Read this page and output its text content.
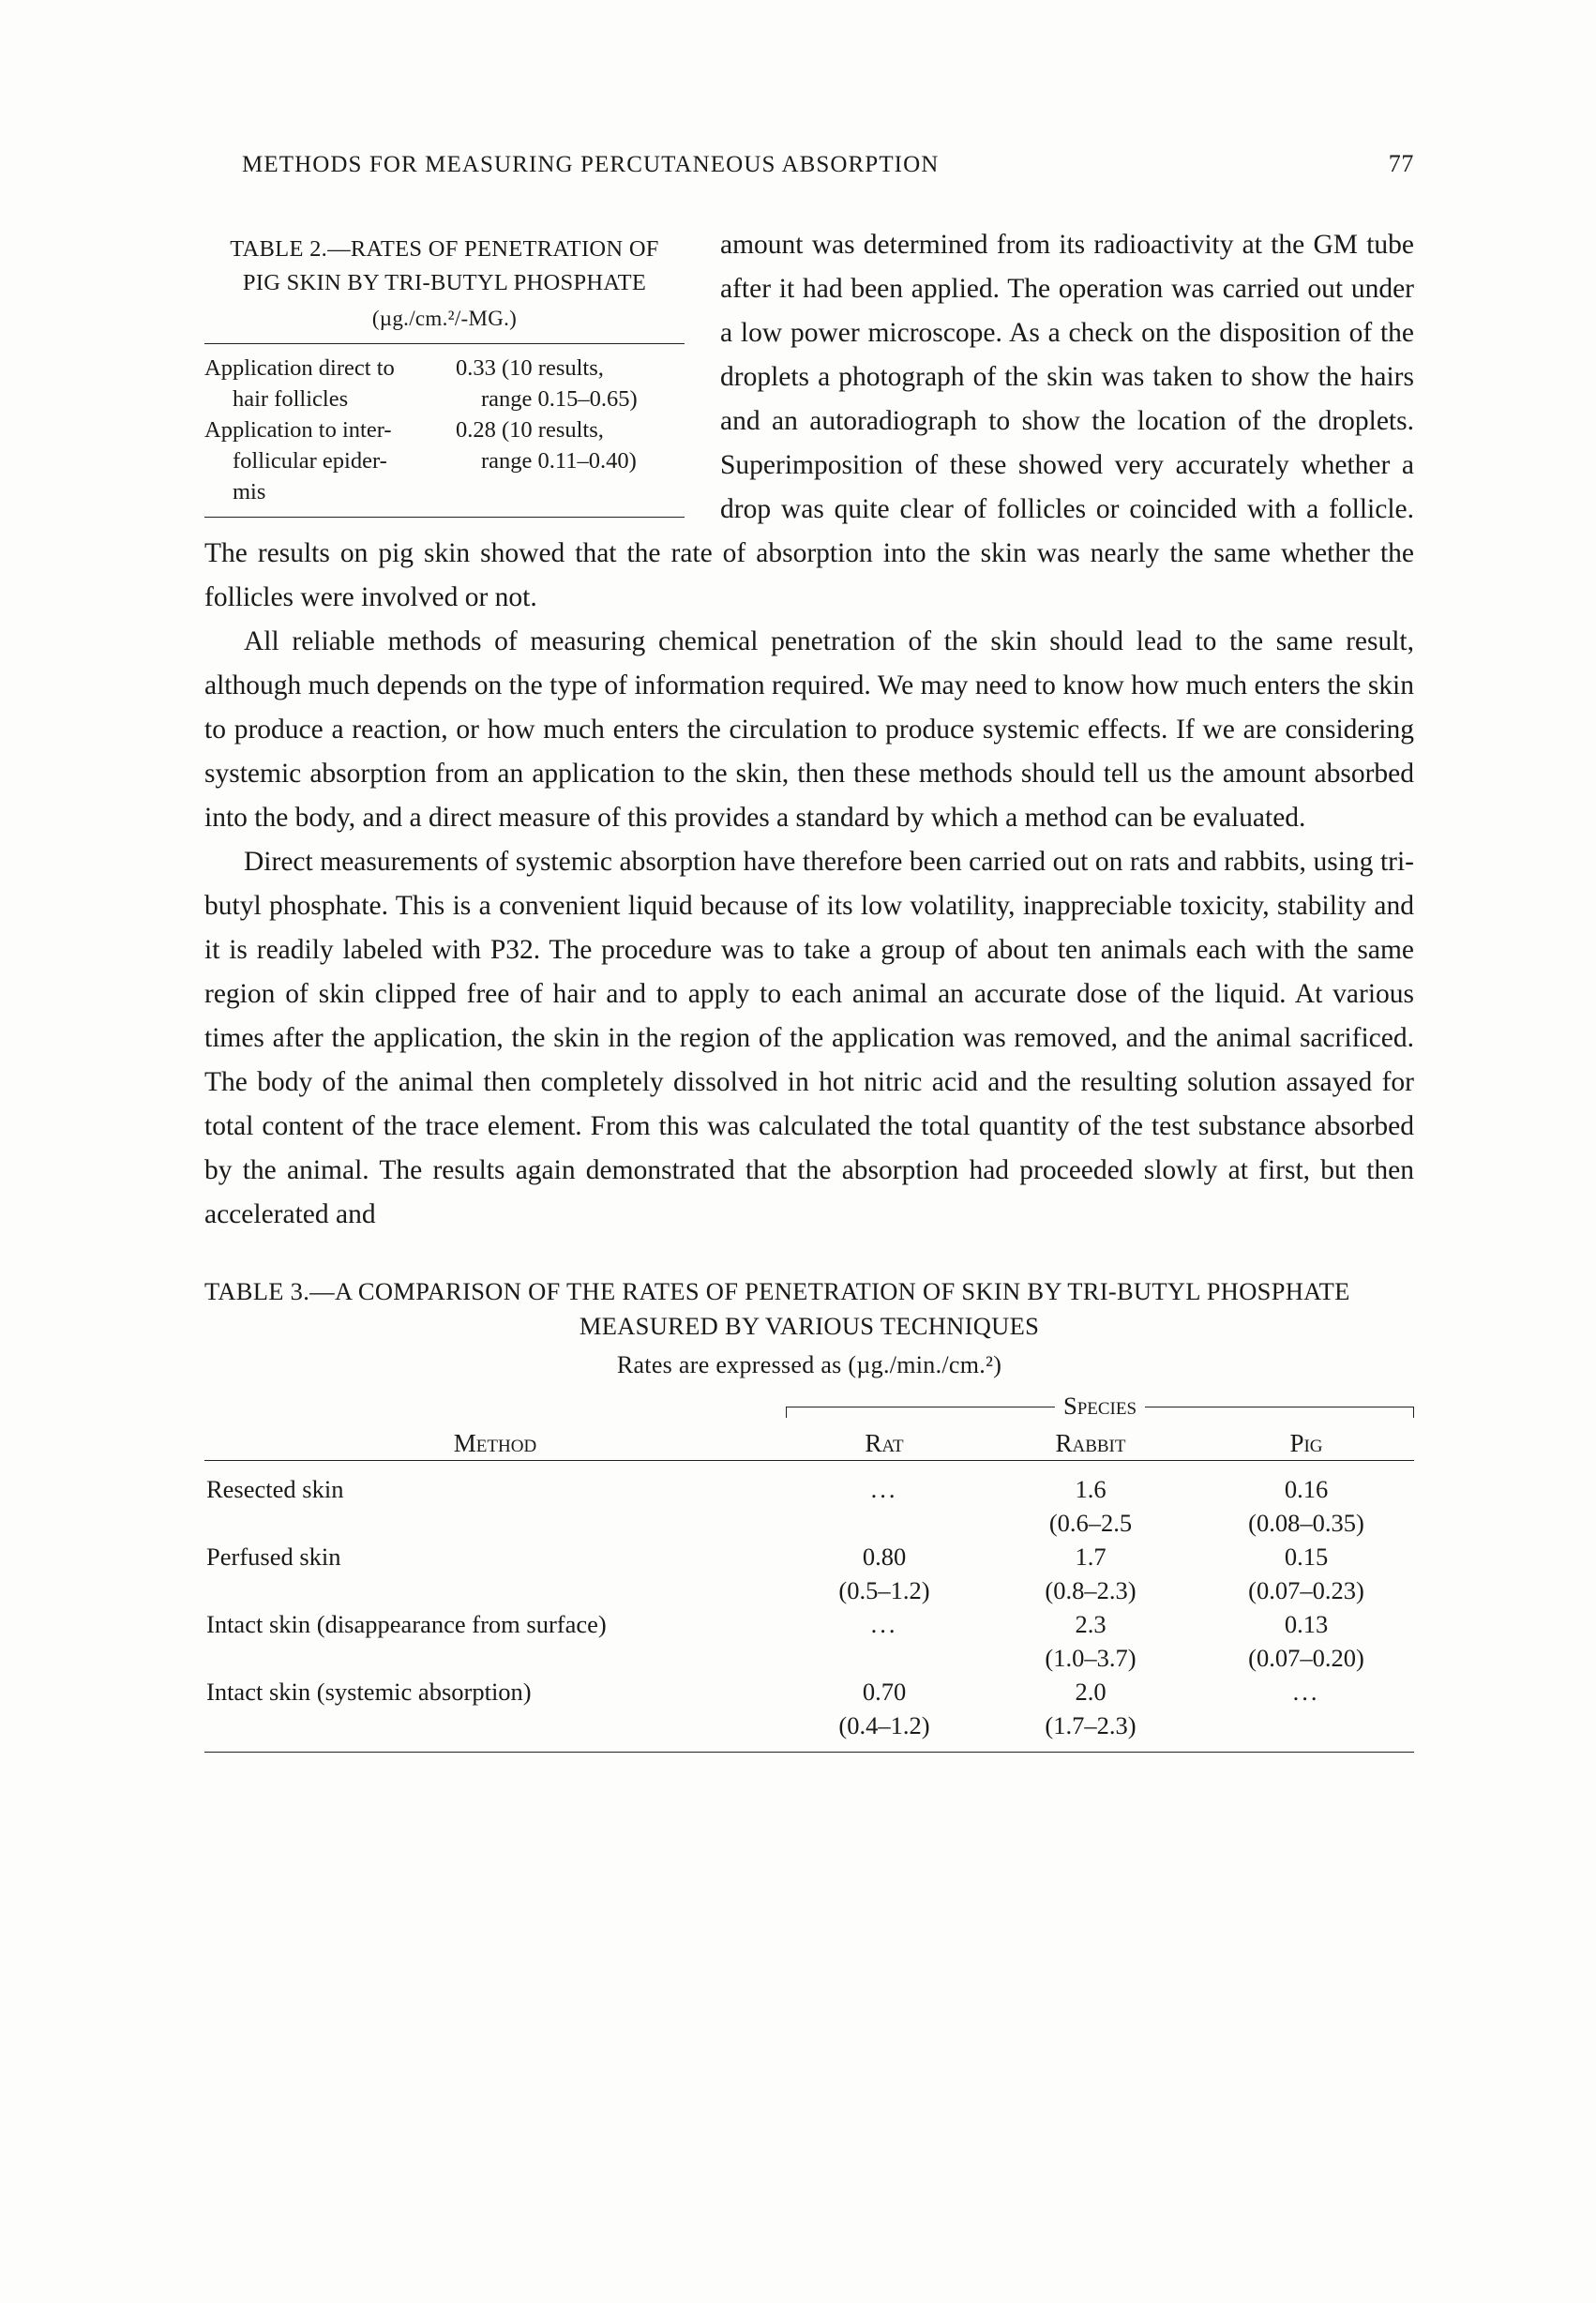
METHODS FOR MEASURING PERCUTANEOUS ABSORPTION	77
TABLE 2.—RATES OF PENETRATION OF
PIG SKIN BY TRI-BUTYL PHOSPHATE
(µg./cm.²/-MG.)
Application direct to	0.33 (10 results,
hair follicles	range 0.15–0.65)
Application to inter-	0.28 (10 results,
follicular epider-	range 0.11–0.40)
mis

amount was determined from its radioactivity at the GM tube after it had been applied. The operation was carried out under a low power microscope. As a check on the disposition of the droplets a photograph of the skin was taken to show the hairs and an autoradiograph to show the location of the droplets. Superimposition of these showed very accurately whether a drop was quite clear of follicles or coincided with a follicle. The results on pig skin showed that the rate of absorption into the skin was nearly the same whether the follicles were involved or not.

All reliable methods of measuring chemical penetration of the skin should lead to the same result, although much depends on the type of information required. We may need to know how much enters the skin to produce a reaction, or how much enters the circulation to produce systemic effects. If we are considering systemic absorption from an application to the skin, then these methods should tell us the amount absorbed into the body, and a direct measure of this provides a standard by which a method can be evaluated.

Direct measurements of systemic absorption have therefore been carried out on rats and rabbits, using tri-butyl phosphate. This is a convenient liquid because of its low volatility, inappreciable toxicity, stability and it is readily labeled with P32. The procedure was to take a group of about ten animals each with the same region of skin clipped free of hair and to apply to each animal an accurate dose of the liquid. At various times after the application, the skin in the region of the application was removed, and the animal sacrificed. The body of the animal then completely dissolved in hot nitric acid and the resulting solution assayed for total content of the trace element. From this was calculated the total quantity of the test substance absorbed by the animal. The results again demonstrated that the absorption had proceeded slowly at first, but then accelerated and

TABLE 3.—A COMPARISON OF THE RATES OF PENETRATION OF SKIN BY TRI-BUTYL PHOSPHATE
MEASURED BY VARIOUS TECHNIQUES
Rates are expressed as (µg./min./cm.²)

	Species		

Method	Rat	Rabbit	Pig

Resected skin	...	1.6	0.16
		(0.6–2.5	(0.08–0.35)
Perfused skin	0.80	1.7	0.15
	(0.5–1.2)	(0.8–2.3)	(0.07–0.23)
Intact skin (disappearance from surface)	...	2.3	0.13
		(1.0–3.7)	(0.07–0.20)
Intact skin (systemic absorption)	0.70	2.0	...
	(0.4–1.2)	(1.7–2.3)	
